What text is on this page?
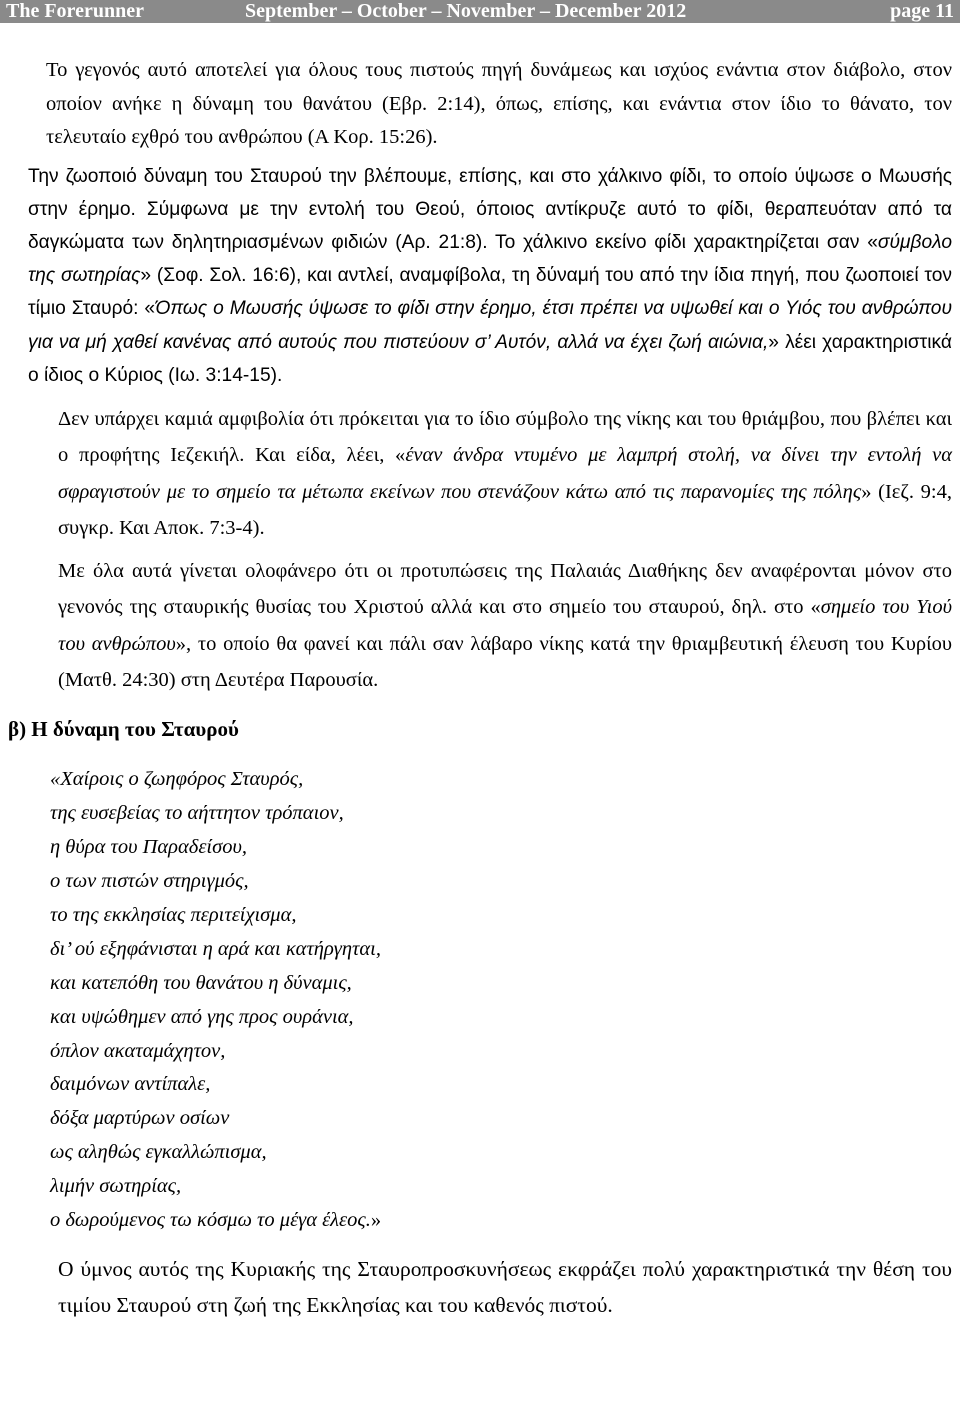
The Forerunner	September – October – November – December 2012	page 11

Το γεγονός αυτό αποτελεί για όλους τους πιστούς πηγή δυνάμεως και ισχύος ενάντια στον διάβολο, στον οποίον ανήκε η δύναμη του θανάτου (Εβρ. 2:14), όπως, επίσης, και ενάντια στον ίδιο το θάνατο, τον τελευταίο εχθρό του ανθρώπου (Α Κορ. 15:26).

Την ζωοποιό δύναμη του Σταυρού την βλέπουμε, επίσης, και στο χάλκινο φίδι, το οποίο ύψωσε ο Μωυσής στην έρημο. Σύμφωνα με την εντολή του Θεού, όποιος αντίκρυζε αυτό το φίδι, θεραπευόταν από τα δαγκώματα των δηλητηριασμένων φιδιών (Αρ. 21:8). Το χάλκινο εκείνο φίδι χαρακτηρίζεται σαν «σύμβολο της σωτηρίας» (Σοφ. Σολ. 16:6), και αντλεί, αναμφίβολα, τη δύναμή του από την ίδια πηγή, που ζωοποιεί τον τίμιο Σταυρό: «Όπως ο Μωυσής ύψωσε το φίδι στην έρημο, έτσι πρέπει να υψωθεί και ο Υιός του ανθρώπου για να μή χαθεί κανένας από αυτούς που πιστεύουν σ’ Αυτόν, αλλά να έχει ζωή αιώνια,» λέει χαρακτηριστικά ο ίδιος ο Κύριος (Ιω. 3:14-15).

Δεν υπάρχει καμιά αμφιβολία ότι πρόκειται για το ίδιο σύμβολο της νίκης και του θριάμβου, που βλέπει και ο προφήτης Ιεζεκιήλ. Και είδα, λέει, «έναν άνδρα ντυμένο με λαμπρή στολή, να δίνει την εντολή να σφραγιστούν με το σημείο τα μέτωπα εκείνων που στενάζουν κάτω από τις παρανομίες της πόλης» (Ιεζ. 9:4, συγκρ. Και Αποκ. 7:3-4).

Με όλα αυτά γίνεται ολοφάνερο ότι οι προτυπώσεις της Παλαιάς Διαθήκης δεν αναφέρονται μόνον στο γενονός της σταυρικής θυσίας του Χριστού αλλά και στο σημείο του σταυρού, δηλ. στο «σημείο του Υιού του ανθρώπου», το οποίο θα φανεί και πάλι σαν λάβαρο νίκης κατά την θριαμβευτική έλευση του Κυρίου (Ματθ. 24:30) στη Δευτέρα Παρουσία.

β) Η δύναμη του Σταυρού
«Χαίροις ο ζωηφόρος Σταυρός,
της ευσεβείας το αήττητον τρόπαιον,
η θύρα του Παραδείσου,
ο των πιστών στηριγμός,
το της εκκλησίας περιτείχισμα,
δι’ ού εξηφάνισται η αρά και κατήργηται,
και κατεπόθη του θανάτου η δύναμις,
και υψώθημεν από γης προς ουράνια,
όπλον ακαταμάχητον,
δαιμόνων αντίπαλε,
δόξα μαρτύρων οσίων
ως αληθώς εγκαλλώπισμα,
λιμήν σωτηρίας,
ο δωρούμενος τω κόσμω το μέγα έλεος.»

Ο ύμνος αυτός της Κυριακής της Σταυροπροσκυνήσεως εκφράζει πολύ χαρακτηριστικά την θέση του τιμίου Σταυρού στη ζωή της Εκκλησίας και του καθενός πιστού.
